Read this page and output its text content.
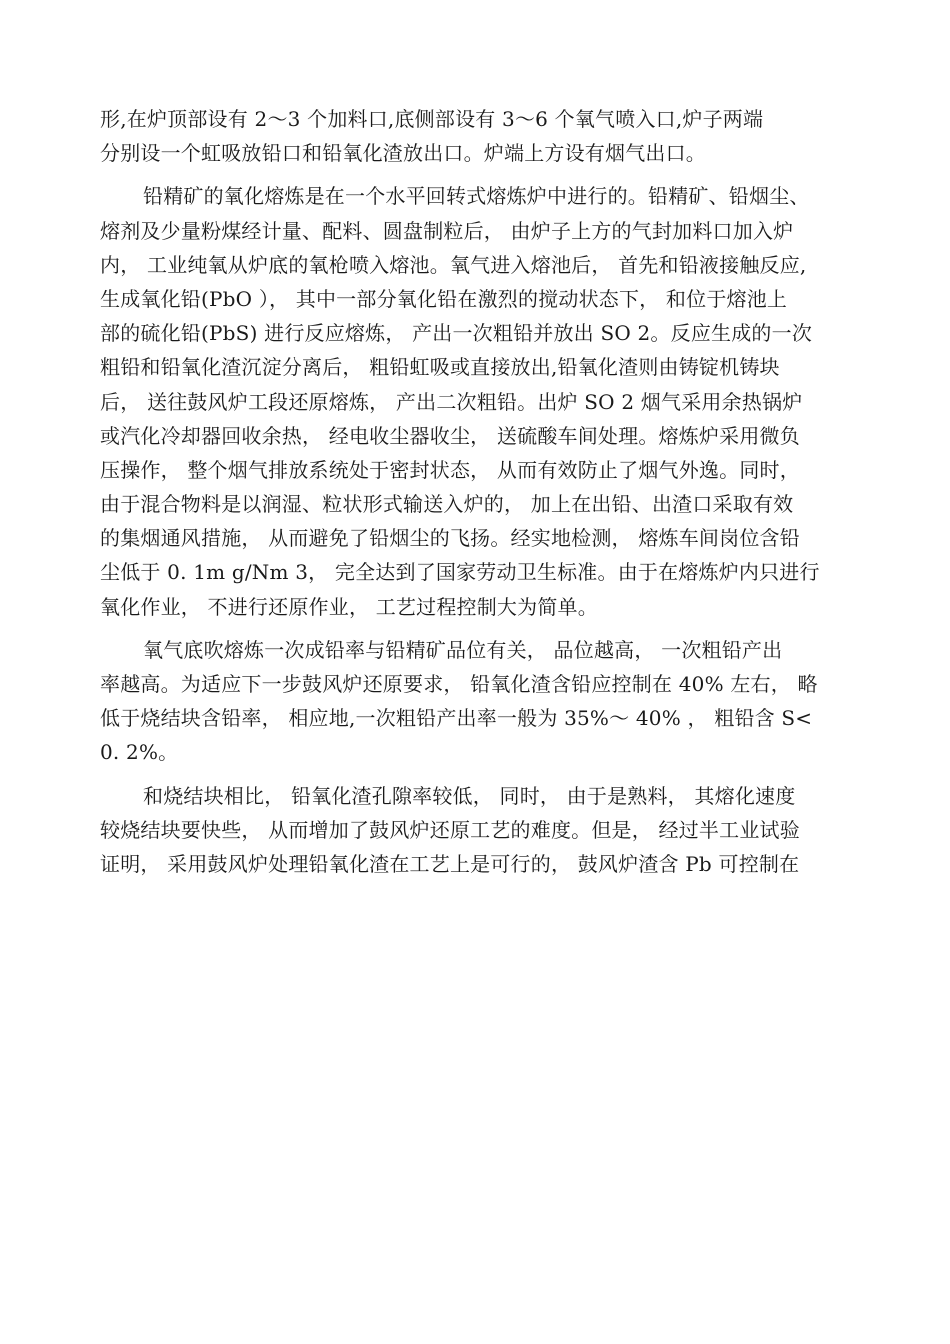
形,在炉顶部设有 2～3 个加料口,底侧部设有 3～6 个氧气喷入口,炉子两端
分别设一个虹吸放铅口和铅氧化渣放出口。炉端上方设有烟气出口。
铅精矿的氧化熔炼是在一个水平回转式熔炼炉中进行的。铅精矿、铅烟尘、
熔剂及少量粉煤经计量、配料、圆盘制粒后， 由炉子上方的气封加料口加入炉
内， 工业纯氧从炉底的氧枪喷入熔池。氧气进入熔池后， 首先和铅液接触反应,
生成氧化铅(PbO ）， 其中一部分氧化铅在激烈的搅动状态下， 和位于熔池上
部的硫化铅(PbS) 进行反应熔炼， 产出一次粗铅并放出 SO 2。反应生成的一次
粗铅和铅氧化渣沉淀分离后， 粗铅虹吸或直接放出,铅氧化渣则由铸锭机铸块
后， 送往鼓风炉工段还原熔炼， 产出二次粗铅。出炉 SO 2 烟气采用余热锅炉
或汽化冷却器回收余热， 经电收尘器收尘， 送硫酸车间处理。熔炼炉采用微负
压操作， 整个烟气排放系统处于密封状态， 从而有效防止了烟气外逸。同时，
由于混合物料是以润湿、粒状形式输送入炉的， 加上在出铅、出渣口采取有效
的集烟通风措施， 从而避免了铅烟尘的飞扬。经实地检测， 熔炼车间岗位含铅
尘低于 0. 1m g/Nm 3， 完全达到了国家劳动卫生标准。由于在熔炼炉内只进行
氧化作业， 不进行还原作业， 工艺过程控制大为简单。
氧气底吹熔炼一次成铅率与铅精矿品位有关， 品位越高， 一次粗铅产出
率越高。为适应下一步鼓风炉还原要求， 铅氧化渣含铅应控制在 40% 左右， 略
低于烧结块含铅率， 相应地,一次粗铅产出率一般为 35%～ 40% ， 粗铅含 S<
0. 2%。
和烧结块相比， 铅氧化渣孔隙率较低， 同时， 由于是熟料， 其熔化速度
较烧结块要快些， 从而增加了鼓风炉还原工艺的难度。但是， 经过半工业试验
证明， 采用鼓风炉处理铅氧化渣在工艺上是可行的， 鼓风炉渣含 Pb 可控制在
